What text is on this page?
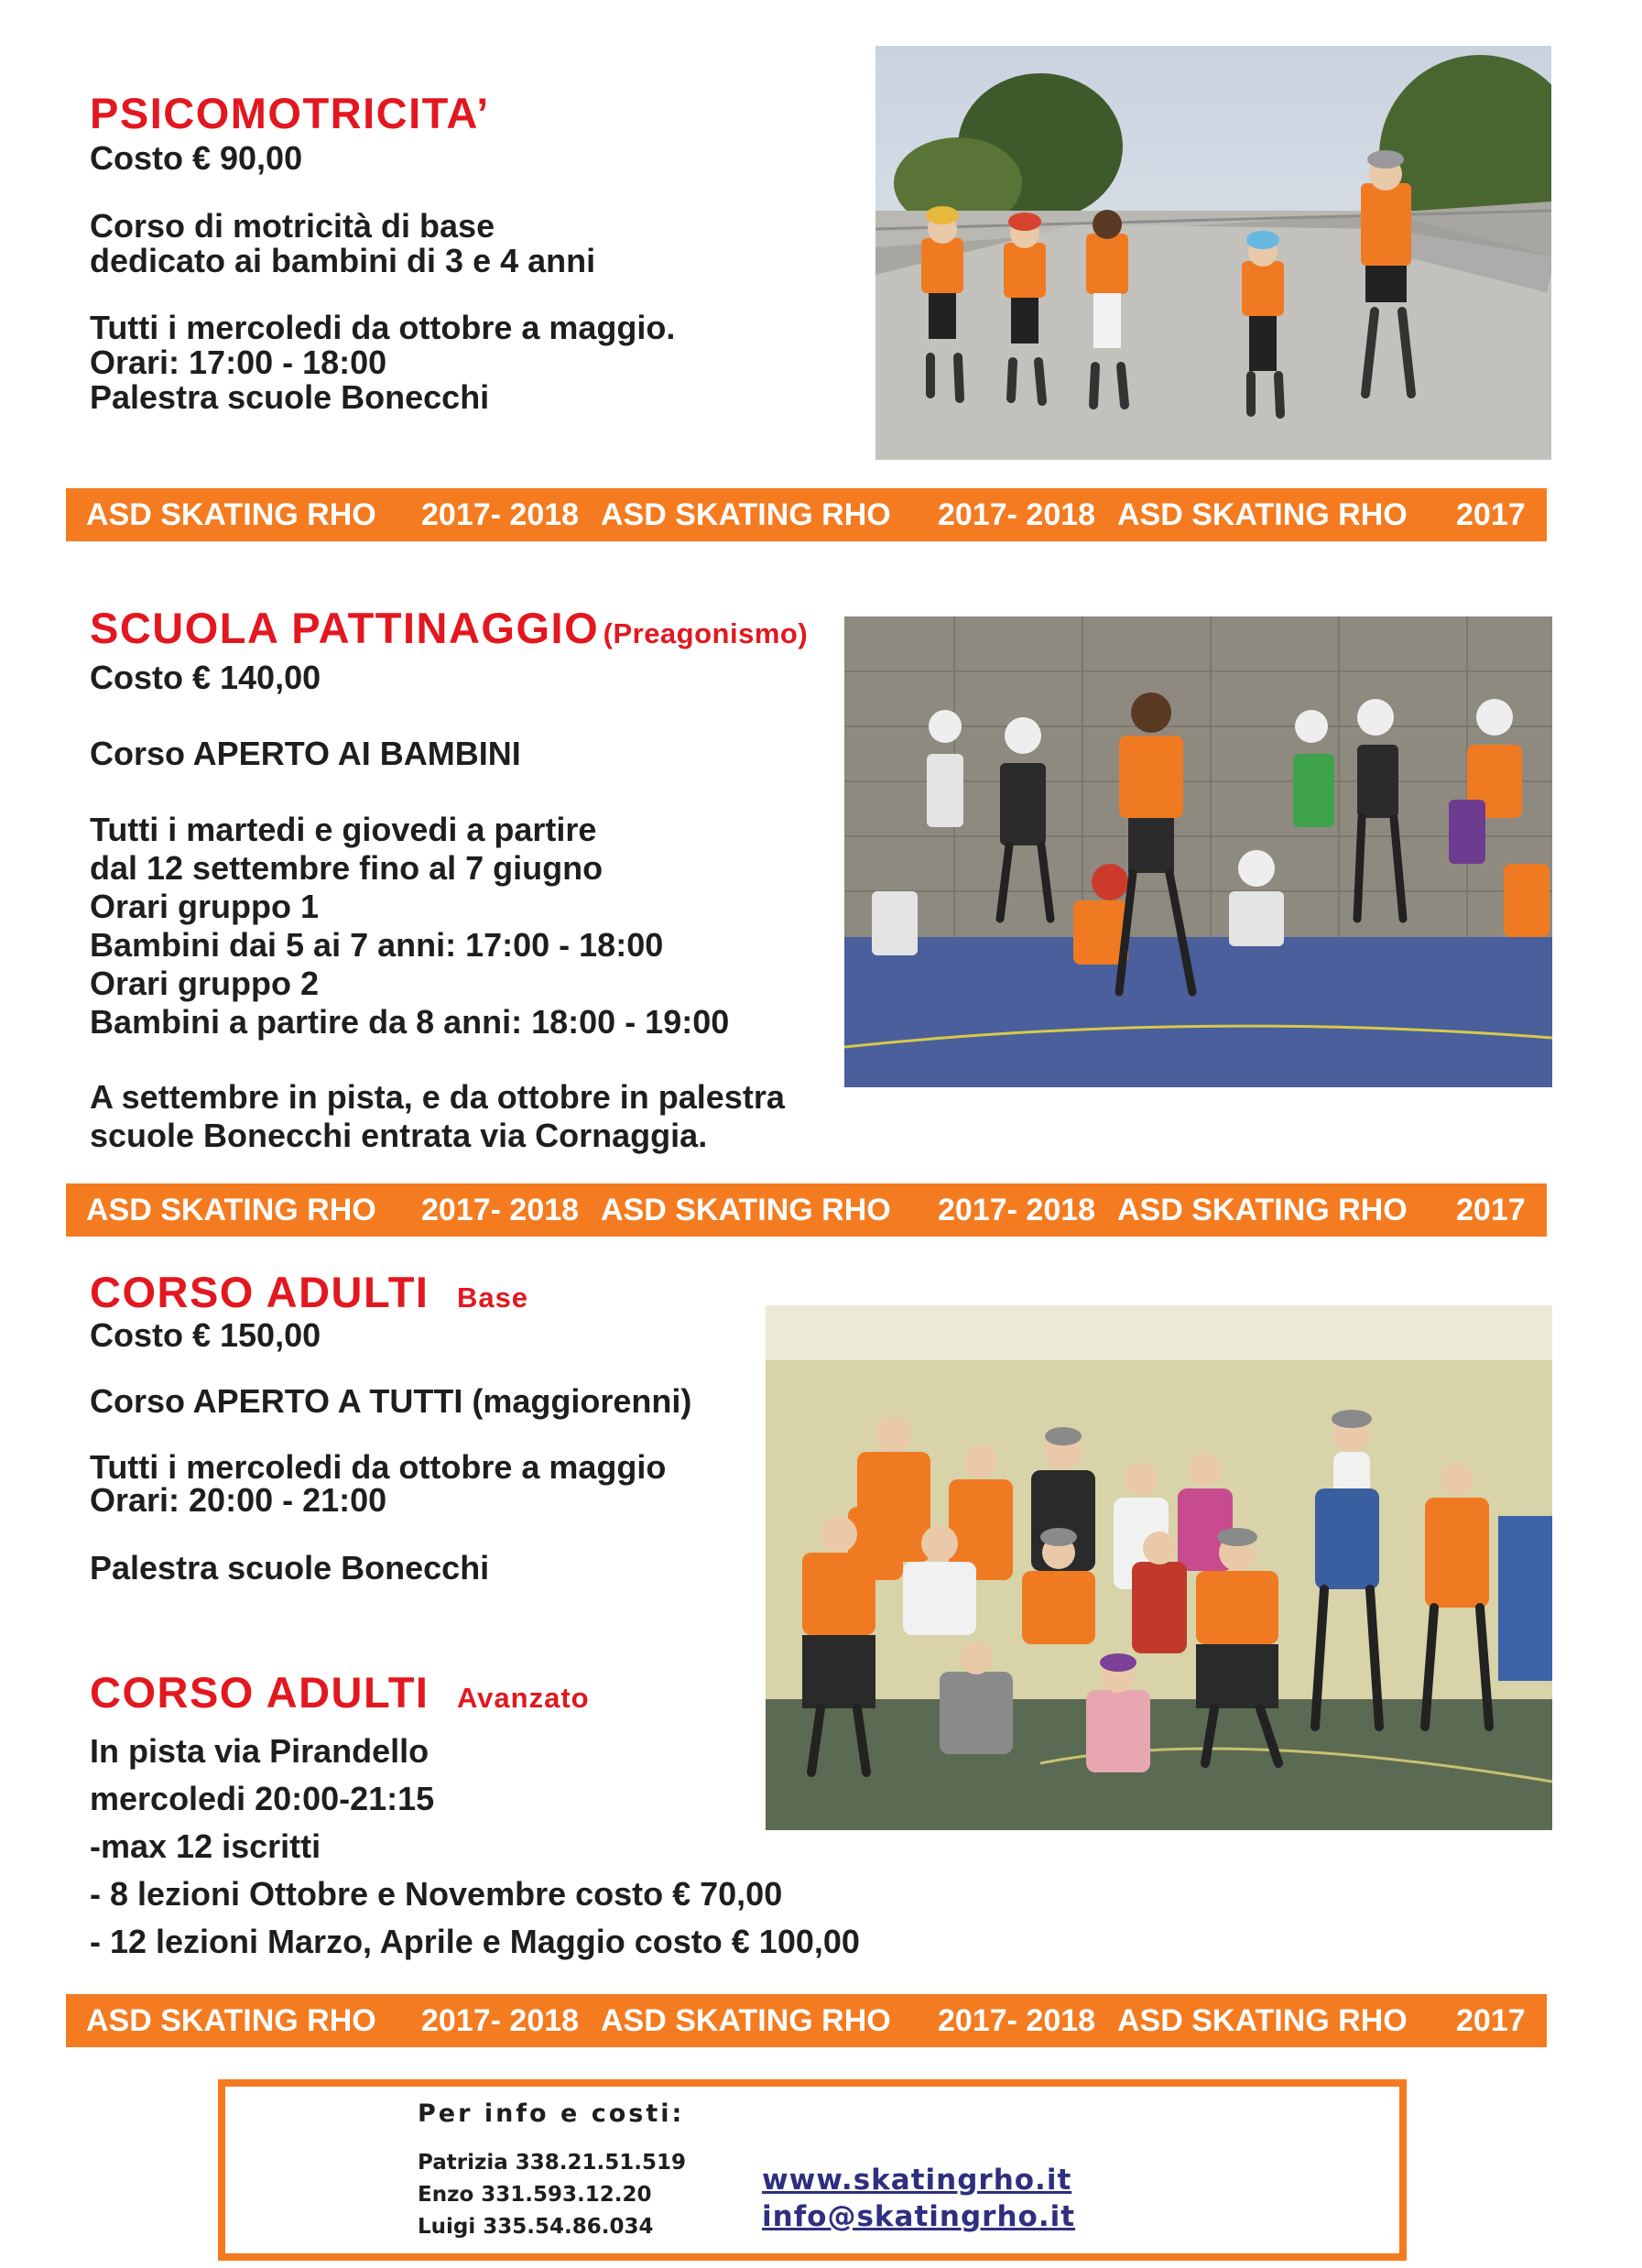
PSICOMOTRICITA’
Costo € 90,00
Corso di motricità di base
dedicato ai bambini di 3 e 4 anni
Tutti i mercoledi da ottobre a maggio.
Orari: 17:00 - 18:00
Palestra scuole Bonecchi
ASD SKATING RHO 2017- 2018 ASD SKATING RHO 2017- 2018 ASD SKATING RHO 2017
SCUOLA PATTINAGGIO (Preagonismo)
Costo € 140,00
Corso APERTO AI BAMBINI
Tutti i martedi e giovedi a partire
dal 12 settembre fino al 7 giugno
Orari gruppo 1
Bambini dai 5 ai 7 anni: 17:00 - 18:00
Orari gruppo 2
Bambini a partire da 8 anni: 18:00 - 19:00
A settembre in pista, e da ottobre in palestra
scuole Bonecchi entrata via Cornaggia.
ASD SKATING RHO 2017- 2018 ASD SKATING RHO 2017- 2018 ASD SKATING RHO 2017
CORSO ADULTI Base
Costo € 150,00
Corso APERTO A TUTTI (maggiorenni)
Tutti i mercoledi da ottobre a maggio
Orari: 20:00 - 21:00
Palestra scuole Bonecchi
CORSO ADULTI Avanzato
In pista via Pirandello
mercoledi 20:00-21:15
-max 12 iscritti
- 8 lezioni Ottobre e Novembre costo € 70,00
- 12 lezioni Marzo, Aprile e Maggio costo € 100,00
ASD SKATING RHO 2017- 2018 ASD SKATING RHO 2017- 2018 ASD SKATING RHO 2017
Per info e costi:
Patrizia 338.21.51.519
Enzo 331.593.12.20
Luigi 335.54.86.034
www.skatingrho.it
info@skatingrho.it
